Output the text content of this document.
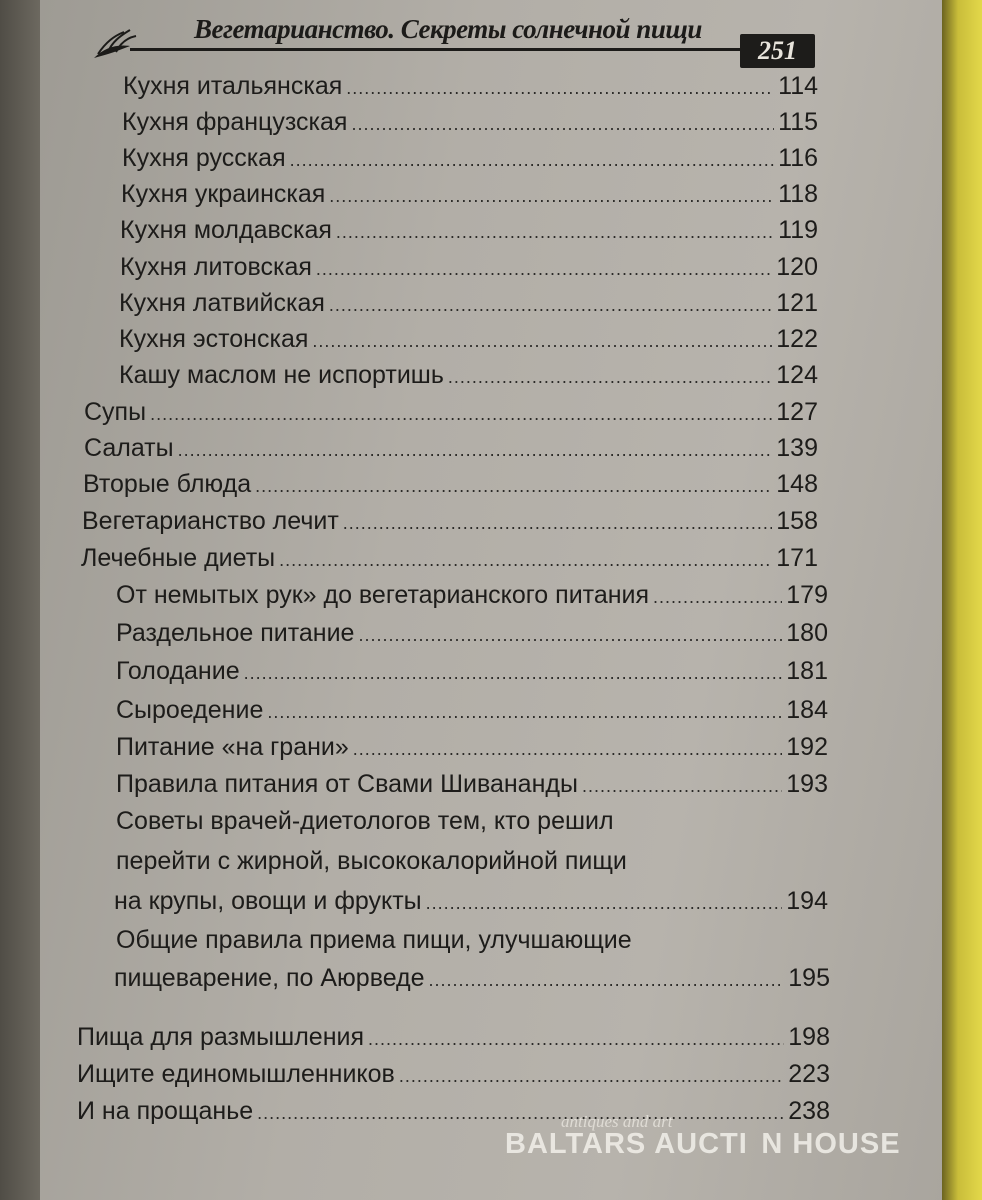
Вегетарианство. Секреты солнечной пищи
251
Кухня итальянская .....	114
Кухня французская .....	115
Кухня русская .....	116
Кухня украинская .....	118
Кухня молдавская .....	119
Кухня литовская .....	120
Кухня латвийская .....	121
Кухня эстонская .....	122
Кашу маслом не испортишь .....	124
Супы .....	127
Салаты .....	139
Вторые блюда .....	148
Вегетарианство лечит .....	158
Лечебные диеты .....	171
От немытых рук» до вегетарианского питания .....	179
Раздельное питание .....	180
Голодание .....	181
Сыроедение .....	184
Питание «на грани» .....	192
Правила питания от Свами Шивананды .....	193
Советы врачей-диетологов тем, кто решил
перейти с жирной, высококалорийной пищи
на крупы, овощи и фрукты .....	194
Общие правила приема пищи, улучшающие
пищеварение, по Аюрведе .....	195
Пища для размышления .....	198
Ищите единомышленников .....	223
И на прощанье .....	238
antiques and art
BALTARS AUCTI  N HOUSE
